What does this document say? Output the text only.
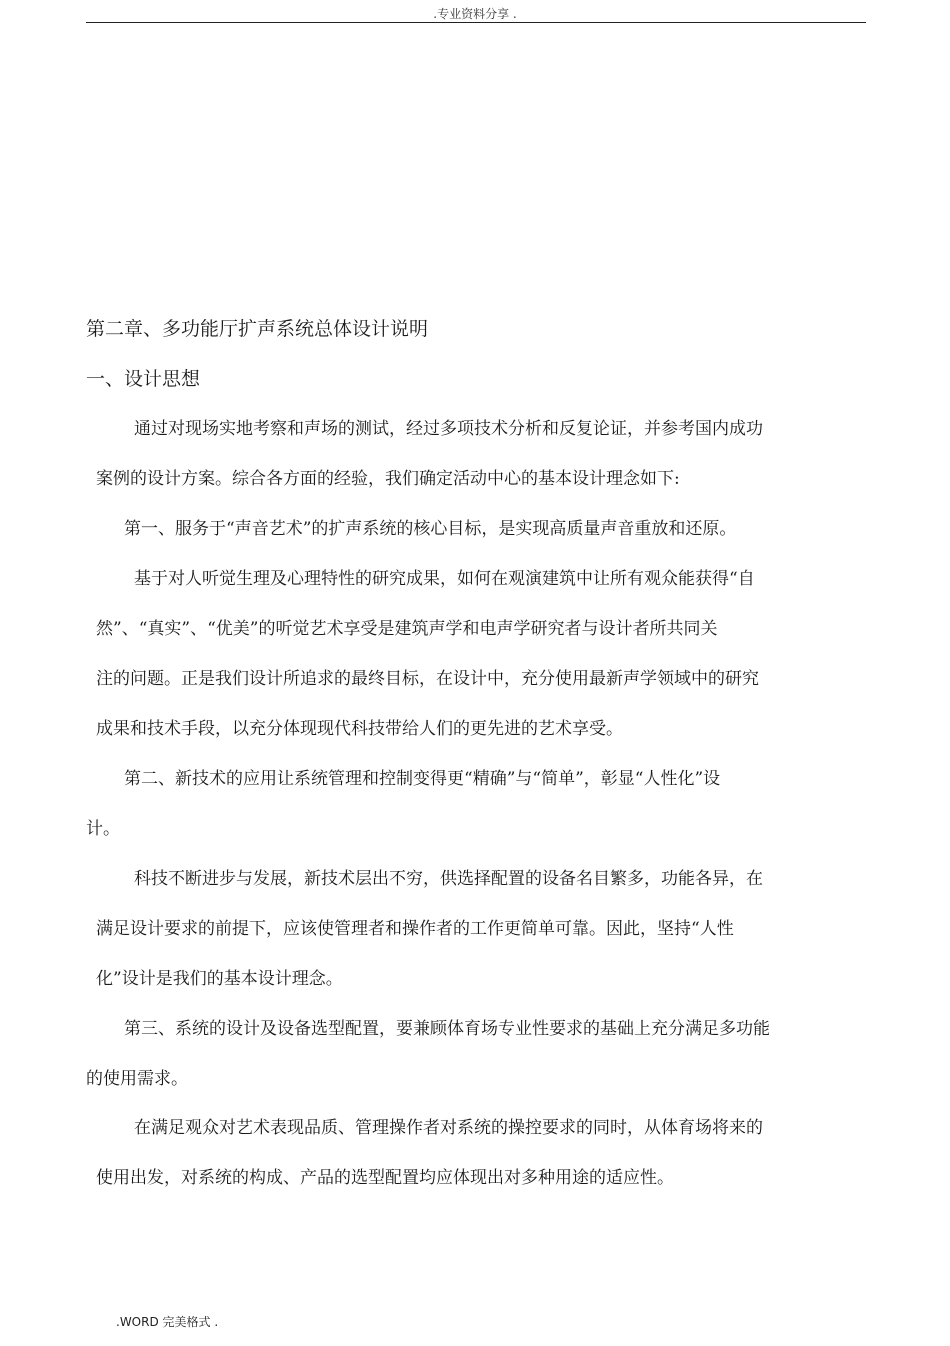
.专业资料分享 .
第二章、多功能厅扩声系统总体设计说明
一、设计思想
通过对现场实地考察和声场的测试，经过多项技术分析和反复论证，并参考国内成功
案例的设计方案。综合各方面的经验，我们确定活动中心的基本设计理念如下:
第一、服务于“声音艺术”的扩声系统的核心目标，是实现高质量声音重放和还原。
基于对人听觉生理及心理特性的研究成果，如何在观演建筑中让所有观众能获得“自
然”、“真实”、“优美”的听觉艺术享受是建筑声学和电声学研究者与设计者所共同关
注的问题。正是我们设计所追求的最终目标，在设计中，充分使用最新声学领域中的研究
成果和技术手段，以充分体现现代科技带给人们的更先进的艺术享受。
第二、新技术的应用让系统管理和控制变得更“精确”与“简单”，彰显“人性化”设
计。
科技不断进步与发展，新技术层出不穷，供选择配置的设备名目繁多，功能各异，在
满足设计要求的前提下，应该使管理者和操作者的工作更简单可靠。因此，坚持“人性
化”设计是我们的基本设计理念。
第三、系统的设计及设备选型配置，要兼顾体育场专业性要求的基础上充分满足多功能
的使用需求。
在满足观众对艺术表现品质、管理操作者对系统的操控要求的同时，从体育场将来的
使用出发，对系统的构成、产品的选型配置均应体现出对多种用途的适应性。
.WORD 完美格式 .
